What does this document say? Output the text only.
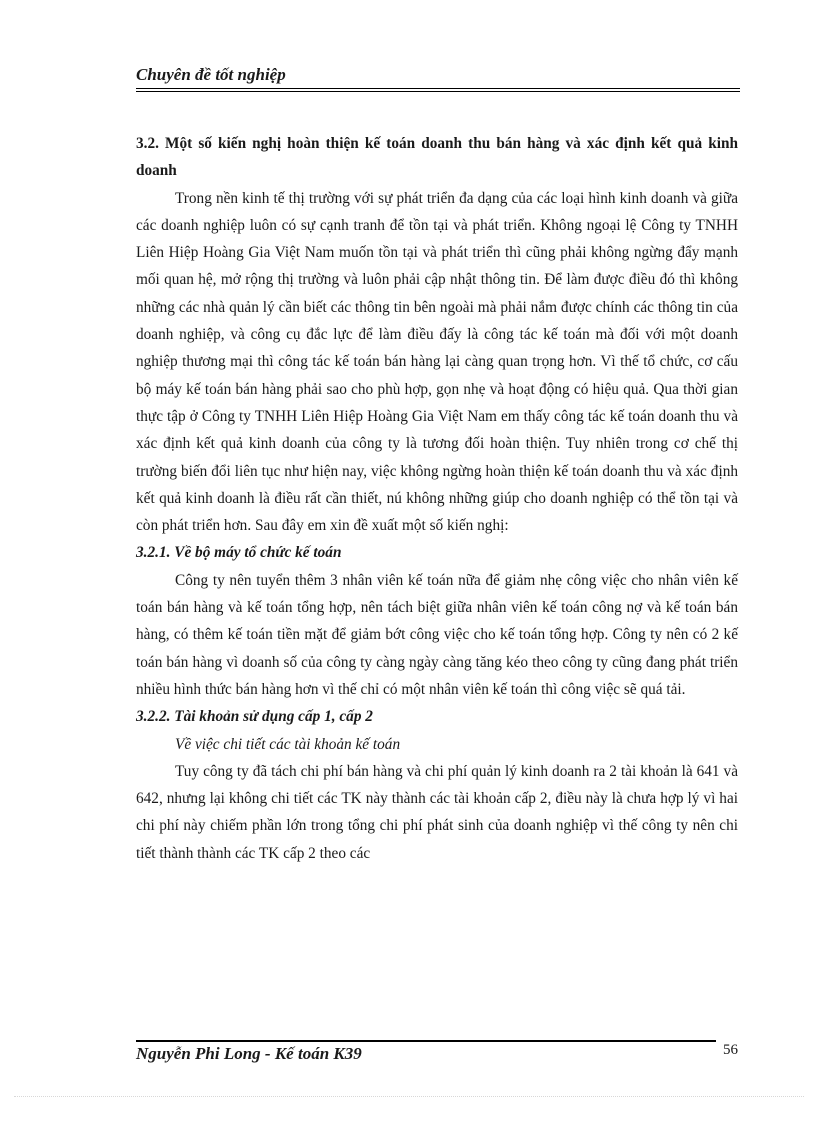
Chuyên đề tốt nghiệp

3.2. Một số kiến nghị hoàn thiện kế toán doanh thu bán hàng và xác định kết quả kinh doanh

Trong nền kinh tế thị trường với sự phát triển đa dạng của các loại hình kinh doanh và giữa các doanh nghiệp luôn có sự cạnh tranh để tồn tại và phát triển. Không ngoại lệ Công ty TNHH Liên Hiệp Hoàng Gia Việt Nam muốn tồn tại và phát triển thì cũng phải không ngừng đẩy mạnh mối quan hệ, mở rộng thị trường và luôn phải cập nhật thông tin. Để làm được điều đó thì không những các nhà quản lý cần biết các thông tin bên ngoài mà phải nắm được chính các thông tin của doanh nghiệp, và công cụ đắc lực để làm điều đấy là công tác kế toán mà đối với một doanh nghiệp thương mại thì công tác kế toán bán hàng lại càng quan trọng hơn. Vì thế tổ chức, cơ cấu bộ máy kế toán bán hàng phải sao cho phù hợp, gọn nhẹ và hoạt động có hiệu quả. Qua thời gian thực tập ở Công ty TNHH Liên Hiệp Hoàng Gia Việt Nam em thấy công tác kế toán doanh thu và xác định kết quả kinh doanh của công ty là tương đối hoàn thiện. Tuy nhiên trong cơ chế thị trường biến đổi liên tục như hiện nay, việc không ngừng hoàn thiện kế toán doanh thu và xác định kết quả kinh doanh là điều rất cần thiết, nú không những giúp cho doanh nghiệp có thể tồn tại và còn phát triển hơn. Sau đây em xin đề xuất một số kiến nghị:

3.2.1. Về bộ máy tổ chức kế toán

Công ty nên tuyển thêm 3 nhân viên kế toán nữa để giảm nhẹ công việc cho nhân viên kế toán bán hàng và kế toán tổng hợp, nên tách biệt giữa nhân viên kế toán công nợ và kế toán bán hàng, có thêm kế toán tiền mặt để giảm bớt công việc cho kế toán tổng hợp. Công ty nên có 2 kế toán bán hàng vì doanh số của công ty càng ngày càng tăng kéo theo công ty cũng đang phát triển nhiều hình thức bán hàng hơn vì thế chỉ có một nhân viên kế toán thì công việc sẽ quá tải.

3.2.2. Tài khoản sử dụng cấp 1, cấp 2

Về việc chi tiết các tài khoản kế toán

Tuy công ty đã tách chi phí bán hàng và chi phí quản lý kinh doanh ra 2 tài khoản là 641 và 642, nhưng lại không chi tiết các TK này thành các tài khoản cấp 2, điều này là chưa hợp lý vì hai chi phí này chiếm phần lớn trong tổng chi phí phát sinh của doanh nghiệp vì thế công ty nên chi tiết thành thành các TK cấp 2 theo các

Nguyễn Phi Long - Kế toán K39	56
